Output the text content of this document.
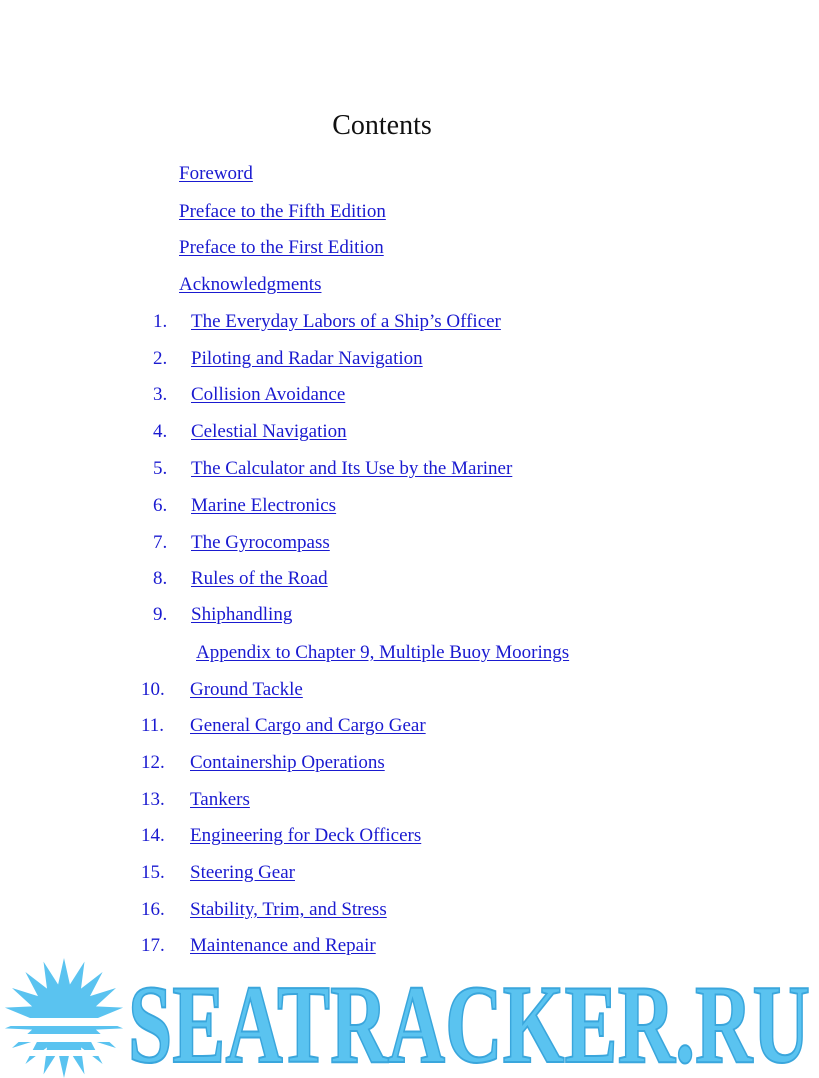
Contents
Foreword
Preface to the Fifth Edition
Preface to the First Edition
Acknowledgments
1. The Everyday Labors of a Ship’s Officer
2. Piloting and Radar Navigation
3. Collision Avoidance
4. Celestial Navigation
5. The Calculator and Its Use by the Mariner
6. Marine Electronics
7. The Gyrocompass
8. Rules of the Road
9. Shiphandling
Appendix to Chapter 9, Multiple Buoy Moorings
10. Ground Tackle
11. General Cargo and Cargo Gear
12. Containership Operations
13. Tankers
14. Engineering for Deck Officers
15. Steering Gear
16. Stability, Trim, and Stress
17. Maintenance and Repair
SEATRACKER.RU
